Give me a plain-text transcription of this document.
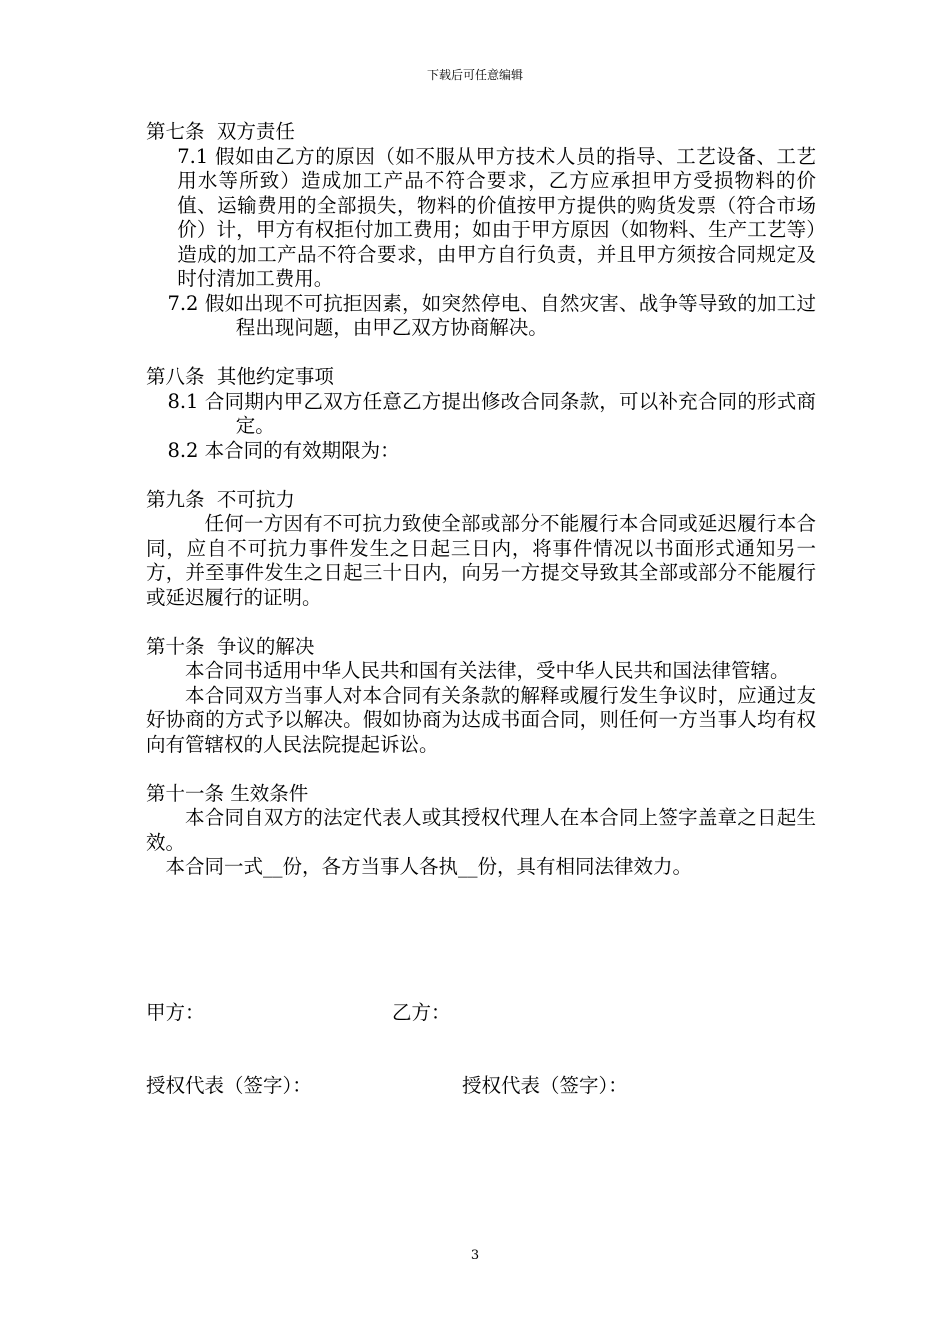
下载后可任意编辑

第七条  双方责任

7.1 假如由乙方的原因（如不服从甲方技术人员的指导、工艺设备、工艺用水等所致）造成加工产品不符合要求，乙方应承担甲方受损物料的价值、运输费用的全部损失，物料的价值按甲方提供的购货发票（符合市场价）计，甲方有权拒付加工费用；如由于甲方原因（如物料、生产工艺等）造成的加工产品不符合要求，由甲方自行负责，并且甲方须按合同规定及时付清加工费用。

7.2 假如出现不可抗拒因素，如突然停电、自然灾害、战争等导致的加工过程出现问题，由甲乙双方协商解决。

第八条  其他约定事项

8.1 合同期内甲乙双方任意乙方提出修改合同条款，可以补充合同的形式商定。

8.2 本合同的有效期限为：

第九条  不可抗力

任何一方因有不可抗力致使全部或部分不能履行本合同或延迟履行本合同，应自不可抗力事件发生之日起三日内，将事件情况以书面形式通知另一方，并至事件发生之日起三十日内，向另一方提交导致其全部或部分不能履行或延迟履行的证明。

第十条  争议的解决

本合同书适用中华人民共和国有关法律，受中华人民共和国法律管辖。

本合同双方当事人对本合同有关条款的解释或履行发生争议时，应通过友好协商的方式予以解决。假如协商为达成书面合同，则任何一方当事人均有权向有管辖权的人民法院提起诉讼。

第十一条 生效条件

本合同自双方的法定代表人或其授权代理人在本合同上签字盖章之日起生效。

本合同一式__份，各方当事人各执__份，具有相同法律效力。

甲方：	乙方：
授权代表（签字）：	授权代表（签字）：
3
